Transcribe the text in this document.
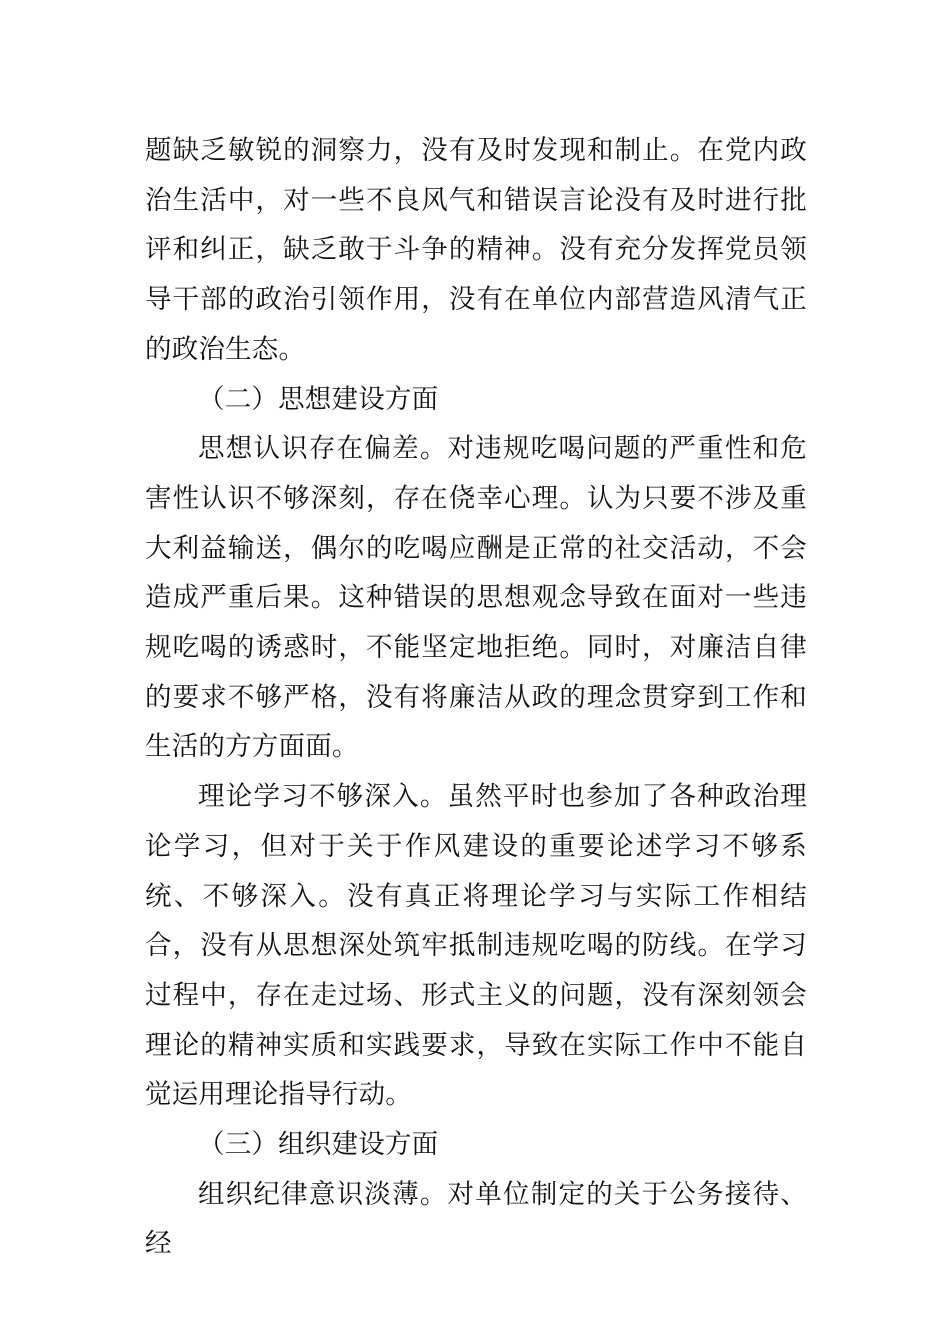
题缺乏敏锐的洞察力，没有及时发现和制止。在党内政治生活中，对一些不良风气和错误言论没有及时进行批评和纠正，缺乏敢于斗争的精神。没有充分发挥党员领导干部的政治引领作用，没有在单位内部营造风清气正的政治生态。

（二）思想建设方面

思想认识存在偏差。对违规吃喝问题的严重性和危害性认识不够深刻，存在侥幸心理。认为只要不涉及重大利益输送，偶尔的吃喝应酬是正常的社交活动，不会造成严重后果。这种错误的思想观念导致在面对一些违规吃喝的诱惑时，不能坚定地拒绝。同时，对廉洁自律的要求不够严格，没有将廉洁从政的理念贯穿到工作和生活的方方面面。

理论学习不够深入。虽然平时也参加了各种政治理论学习，但对于关于作风建设的重要论述学习不够系统、不够深入。没有真正将理论学习与实际工作相结合，没有从思想深处筑牢抵制违规吃喝的防线。在学习过程中，存在走过场、形式主义的问题，没有深刻领会理论的精神实质和实践要求，导致在实际工作中不能自觉运用理论指导行动。

（三）组织建设方面

组织纪律意识淡薄。对单位制定的关于公务接待、经
